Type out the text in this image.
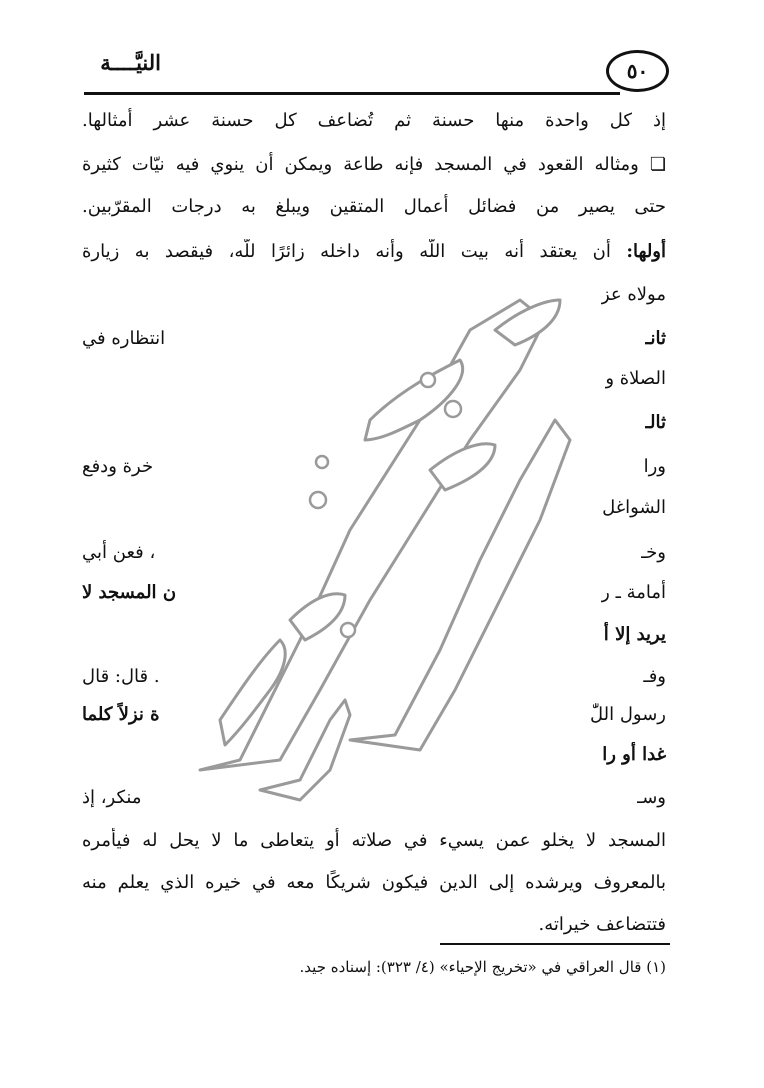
النيَّــــة	٥٠
إذ كل واحدة منها حسنة ثم تُضاعف كل حسنة عشر أمثالها.
❏ ومثاله القعود في المسجد فإنه طاعة ويمكن أن ينوي فيه نيّات كثيرة
حتى يصير من فضائل أعمال المتقين ويبلغ به درجات المقرّبين.
أولها: أن يعتقد أنه بيت اللَّه وأنه داخله زائرًا للَّه، فيقصد به زيارة
مولاه عز
ثانـ
انتظاره في
الصلاة و
ثالـ
ورا
ٔخرة ودفع
الشواغل
وخـ
، فعن أبي
أمامة ـ ر
ن المسجد لا
يريد إلا أ
وفـ
. قال: قال
رسول اللّٰ
ة نزلاً كلما
غدا أو را
وسـ
منكر، إذ
المسجد لا يخلو عمن يسيء في صلاته أو يتعاطى ما لا يحل له فيأمره
بالمعروف ويرشده إلى الدين فيكون شريكًا معه في خيره الذي يعلم منه
فتتضاعف خيراته.
(١) قال العراقي في «تخريج الإحياء» (٤/ ٣٢٣): إسناده جيد.
